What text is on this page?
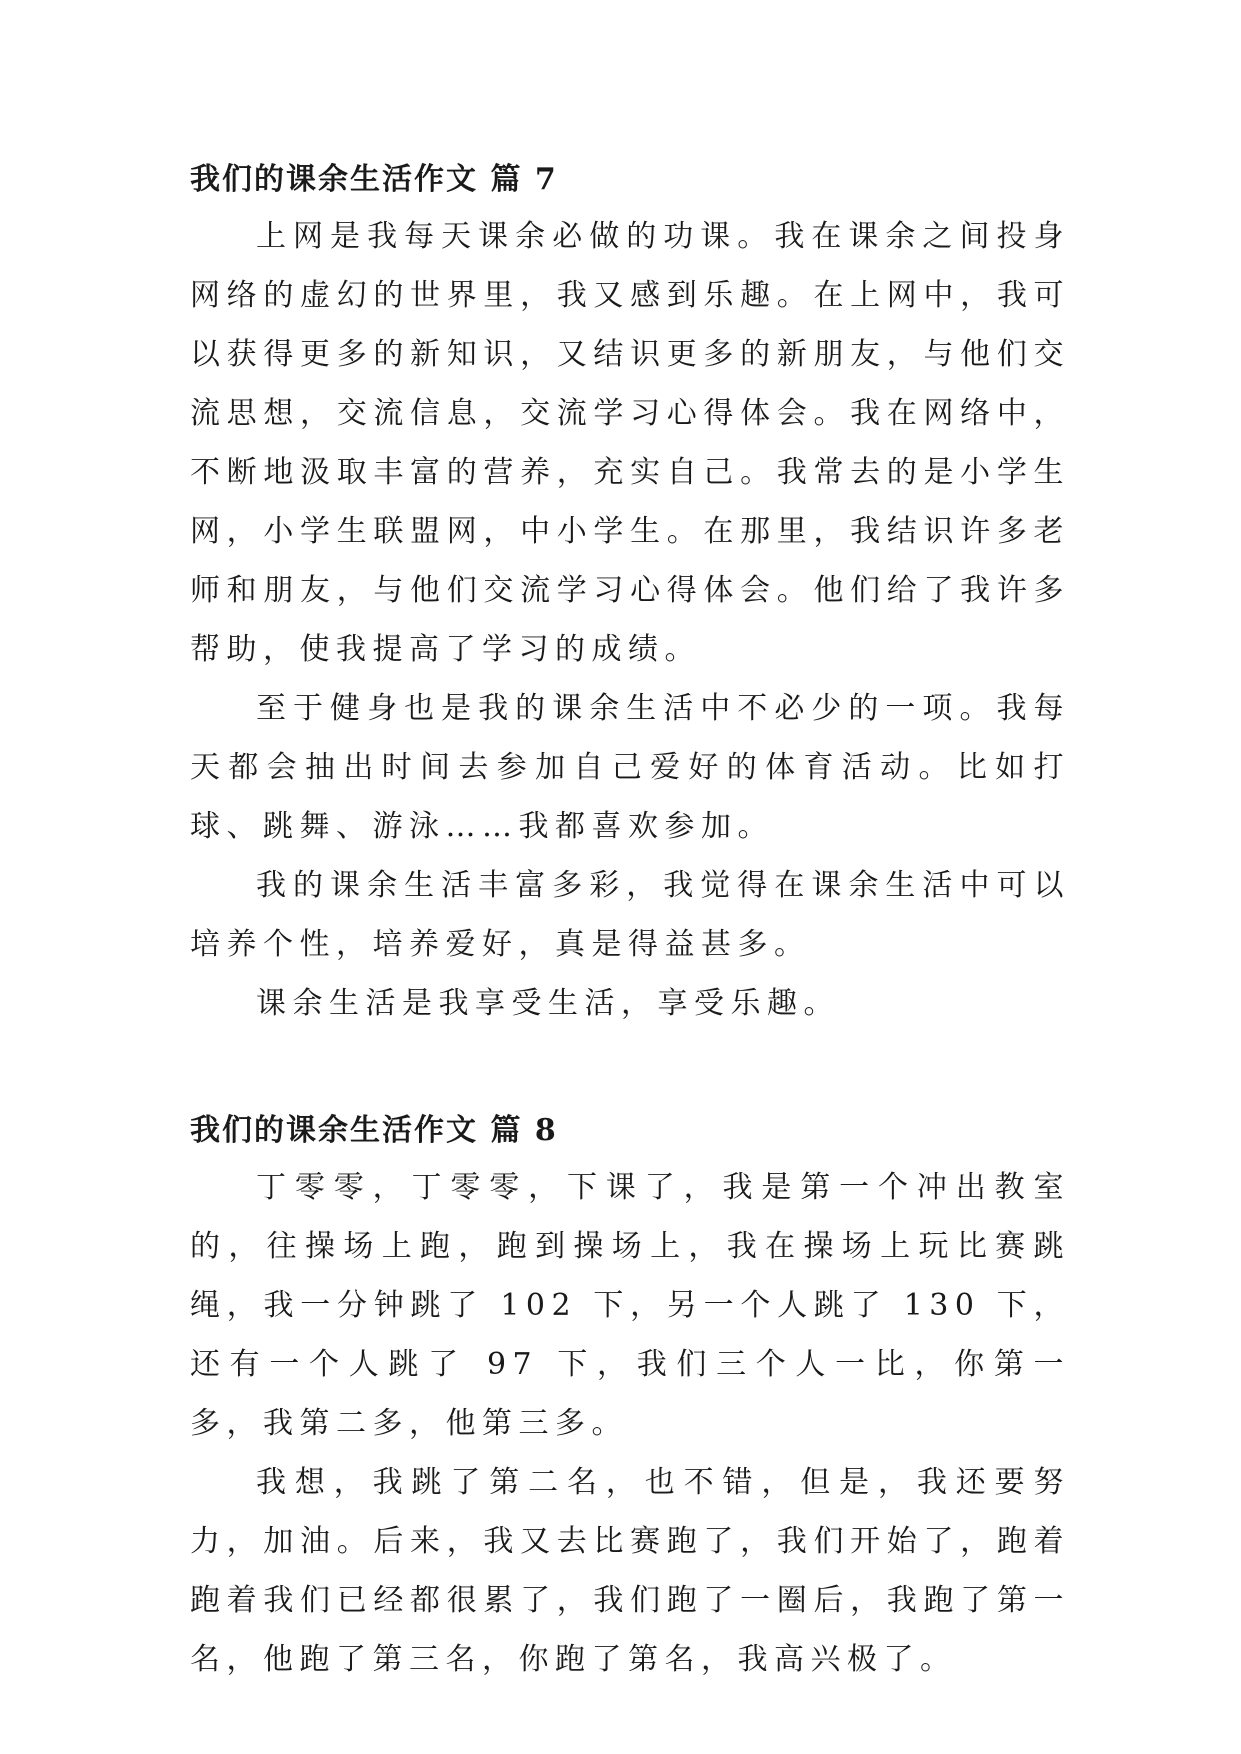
我们的课余生活作文 篇 7

上网是我每天课余必做的功课。我在课余之间投身网络的虚幻的世界里，我又感到乐趣。在上网中，我可以获得更多的新知识，又结识更多的新朋友，与他们交流思想，交流信息，交流学习心得体会。我在网络中，不断地汲取丰富的营养，充实自己。我常去的是小学生网，小学生联盟网，中小学生。在那里，我结识许多老师和朋友，与他们交流学习心得体会。他们给了我许多帮助，使我提高了学习的成绩。

至于健身也是我的课余生活中不必少的一项。我每天都会抽出时间去参加自己爱好的体育活动。比如打球、跳舞、游泳……我都喜欢参加。

我的课余生活丰富多彩，我觉得在课余生活中可以培养个性，培养爱好，真是得益甚多。

课余生活是我享受生活，享受乐趣。

我们的课余生活作文 篇 8

丁零零，丁零零，下课了，我是第一个冲出教室的，往操场上跑，跑到操场上，我在操场上玩比赛跳绳，我一分钟跳了 102 下，另一个人跳了 130 下，还有一个人跳了 97 下，我们三个人一比，你第一多，我第二多，他第三多。

我想，我跳了第二名，也不错，但是，我还要努力，加油。后来，我又去比赛跑了，我们开始了，跑着跑着我们已经都很累了，我们跑了一圈后，我跑了第一名，他跑了第三名，你跑了第名，我高兴极了。
